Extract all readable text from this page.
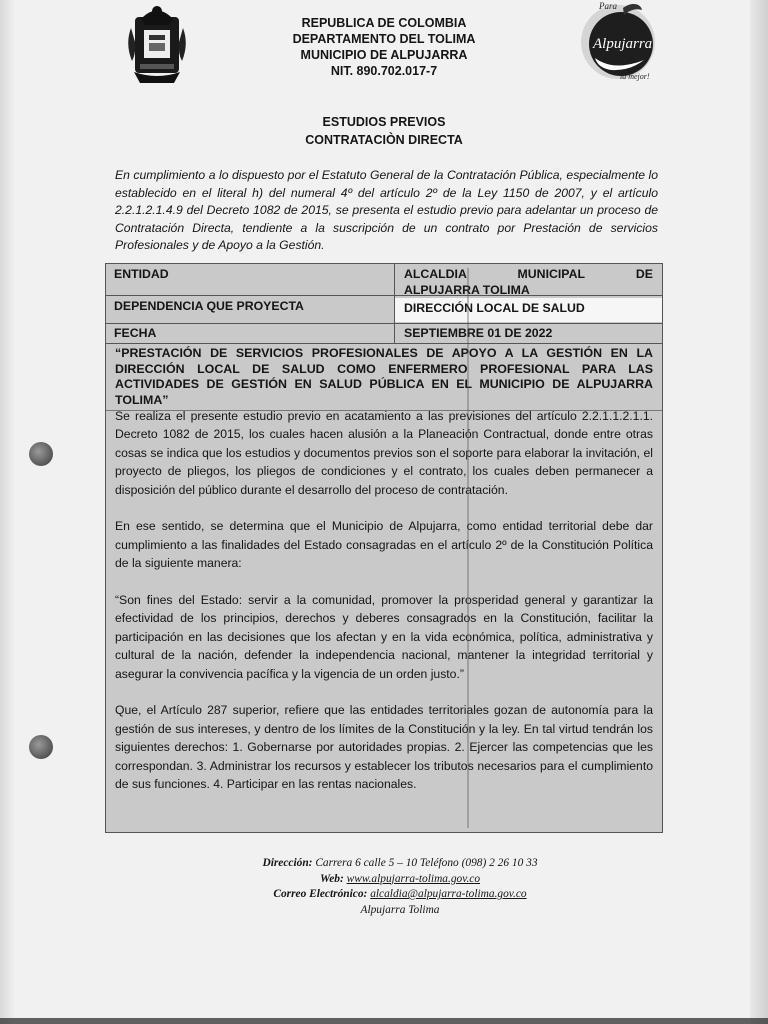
Para
Alpujarra
la mejor!
REPUBLICA DE COLOMBIA
DEPARTAMENTO DEL TOLIMA
MUNICIPIO DE ALPUJARRA
NIT. 890.702.017-7
ESTUDIOS PREVIOS
CONTRATACIÒN DIRECTA
En cumplimiento a lo dispuesto por el Estatuto General de la Contratación Pública, especialmente lo establecido en el literal h) del numeral 4º del artículo 2º de la Ley 1150 de 2007, y el artículo 2.2.1.2.1.4.9 del Decreto 1082 de 2015, se presenta el estudio previo para adelantar un proceso de Contratación Directa, tendiente a la suscripción de un contrato por Prestación de servicios Profesionales y de Apoyo a la Gestión.
ENTIDAD	ALCALDIA MUNICIPAL DE
ALPUJARRA TOLIMA
DEPENDENCIA QUE PROYECTA	DIRECCIÓN LOCAL DE SALUD
FECHA	SEPTIEMBRE 01 DE 2022
“PRESTACIÓN DE SERVICIOS PROFESIONALES DE APOYO A LA GESTIÓN EN LA DIRECCIÓN LOCAL DE SALUD COMO ENFERMERO PROFESIONAL PARA LAS ACTIVIDADES DE GESTIÓN EN SALUD PÚBLICA EN EL MUNICIPIO DE ALPUJARRA TOLIMA”

Se realiza el presente estudio previo en acatamiento a las previsiones del artículo 2.2.1.1.2.1.1. Decreto 1082 de 2015, los cuales hacen alusión a la Planeación Contractual, donde entre otras cosas se indica que los estudios y documentos previos son el soporte para elaborar la invitación, el proyecto de pliegos, los pliegos de condiciones y el contrato, los cuales deben permanecer a disposición del público durante el desarrollo del proceso de contratación.

En ese sentido, se determina que el Municipio de Alpujarra, como entidad territorial debe dar cumplimiento a las finalidades del Estado consagradas en el artículo 2º de la Constitución Política de la siguiente manera:

“Son fines del Estado: servir a la comunidad, promover la prosperidad general y garantizar la efectividad de los principios, derechos y deberes consagrados en la Constitución, facilitar la participación en las decisiones que los afectan y en la vida económica, política, administrativa y cultural de la nación, defender la independencia nacional, mantener la integridad territorial y asegurar la convivencia pacífica y la vigencia de un orden justo.”

Que, el Artículo 287 superior, refiere que las entidades territoriales gozan de autonomía para la gestión de sus intereses, y dentro de los límites de la Constitución y la ley. En tal virtud tendrán los siguientes derechos: 1. Gobernarse por autoridades propias. 2. Ejercer las competencias que les correspondan. 3. Administrar los recursos y establecer los tributos necesarios para el cumplimiento de sus funciones. 4. Participar en las rentas nacionales.

Dirección: Carrera 6 calle 5 – 10 Teléfono (098) 2 26 10 33
Web: www.alpujarra-tolima.gov.co
Correo Electrónico: alcaldia@alpujarra-tolima.gov.co
Alpujarra Tolima
